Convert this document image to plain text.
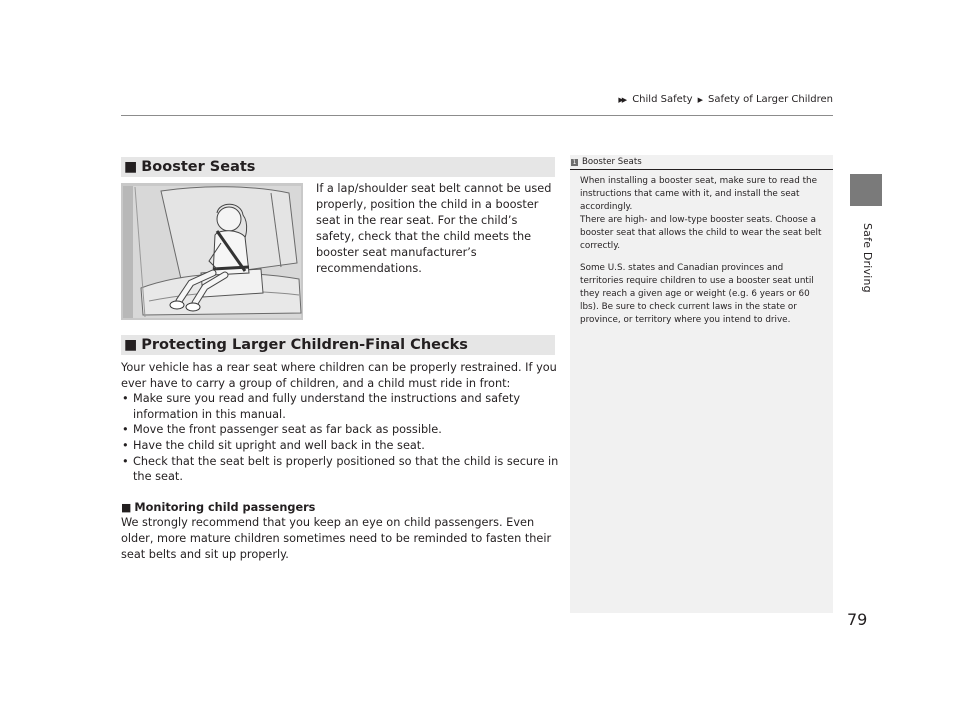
▶▶ Child Safety ▶ Safety of Larger Children
Safe Driving
■ Booster Seats
If a lap/shoulder seat belt cannot be used properly, position the child in a booster seat in the rear seat. For the child’s safety, check that the child meets the booster seat manufacturer’s recommendations.
■ Protecting Larger Children-Final Checks

Your vehicle has a rear seat where children can be properly restrained. If you ever have to carry a group of children, and a child must ride in front:

• Make sure you read and fully understand the instructions and safety information in this manual.
• Move the front passenger seat as far back as possible.
• Have the child sit upright and well back in the seat.
• Check that the seat belt is properly positioned so that the child is secure in the seat.

■ Monitoring child passengers

We strongly recommend that you keep an eye on child passengers. Even older, more mature children sometimes need to be reminded to fasten their seat belts and sit up properly.

1 Booster Seats

When installing a booster seat, make sure to read the instructions that came with it, and install the seat accordingly.
There are high- and low-type booster seats. Choose a booster seat that allows the child to wear the seat belt correctly.

Some U.S. states and Canadian provinces and territories require children to use a booster seat until they reach a given age or weight (e.g. 6 years or 60 lbs). Be sure to check current laws in the state or province, or territory where you intend to drive.

79
